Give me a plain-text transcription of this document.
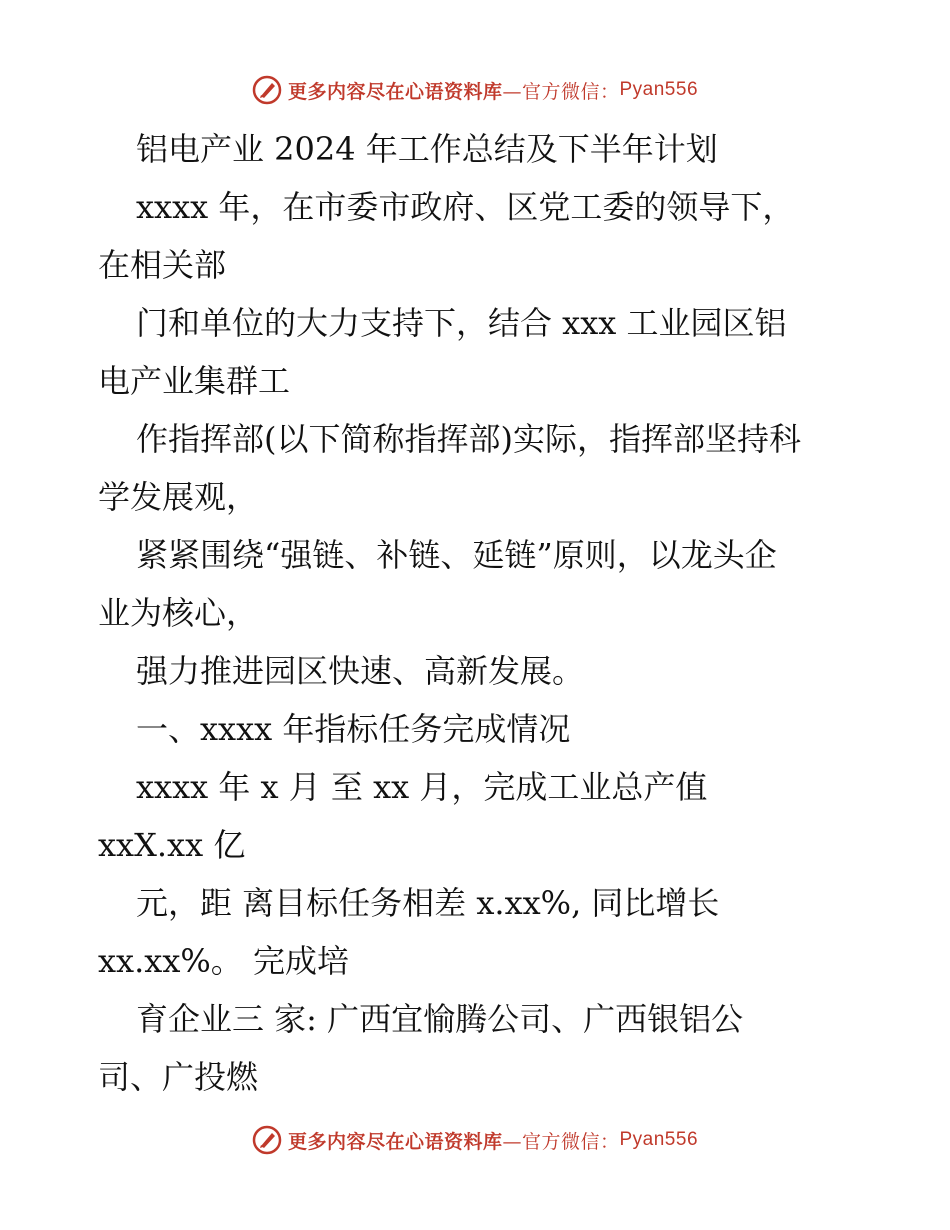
更多内容尽在心语资料库 —官方微信： Pyan556
铝电产业 2024 年工作总结及下半年计划
xxxx 年，在市委市政府、区党工委的领导下，
在相关部
门和单位的大力支持下，结合 xxx 工业园区铝
电产业集群工
作指挥部(以下简称指挥部)实际，指挥部坚持科
学发展观，
紧紧围绕“强链、补链、延链”原则，以龙头企
业为核心，
强力推进园区快速、高新发展。
一、xxxx 年指标任务完成情况
xxxx 年 x 月 至 xx 月，完成工业总产值
xxX.xx 亿
元，距 离目标任务相差 x.xx%, 同比增长
xx.xx%。 完成培
育企业三 家: 广西宜愉腾公司、广西银铝公
司、广投燃
更多内容尽在心语资料库 —官方微信： Pyan556
